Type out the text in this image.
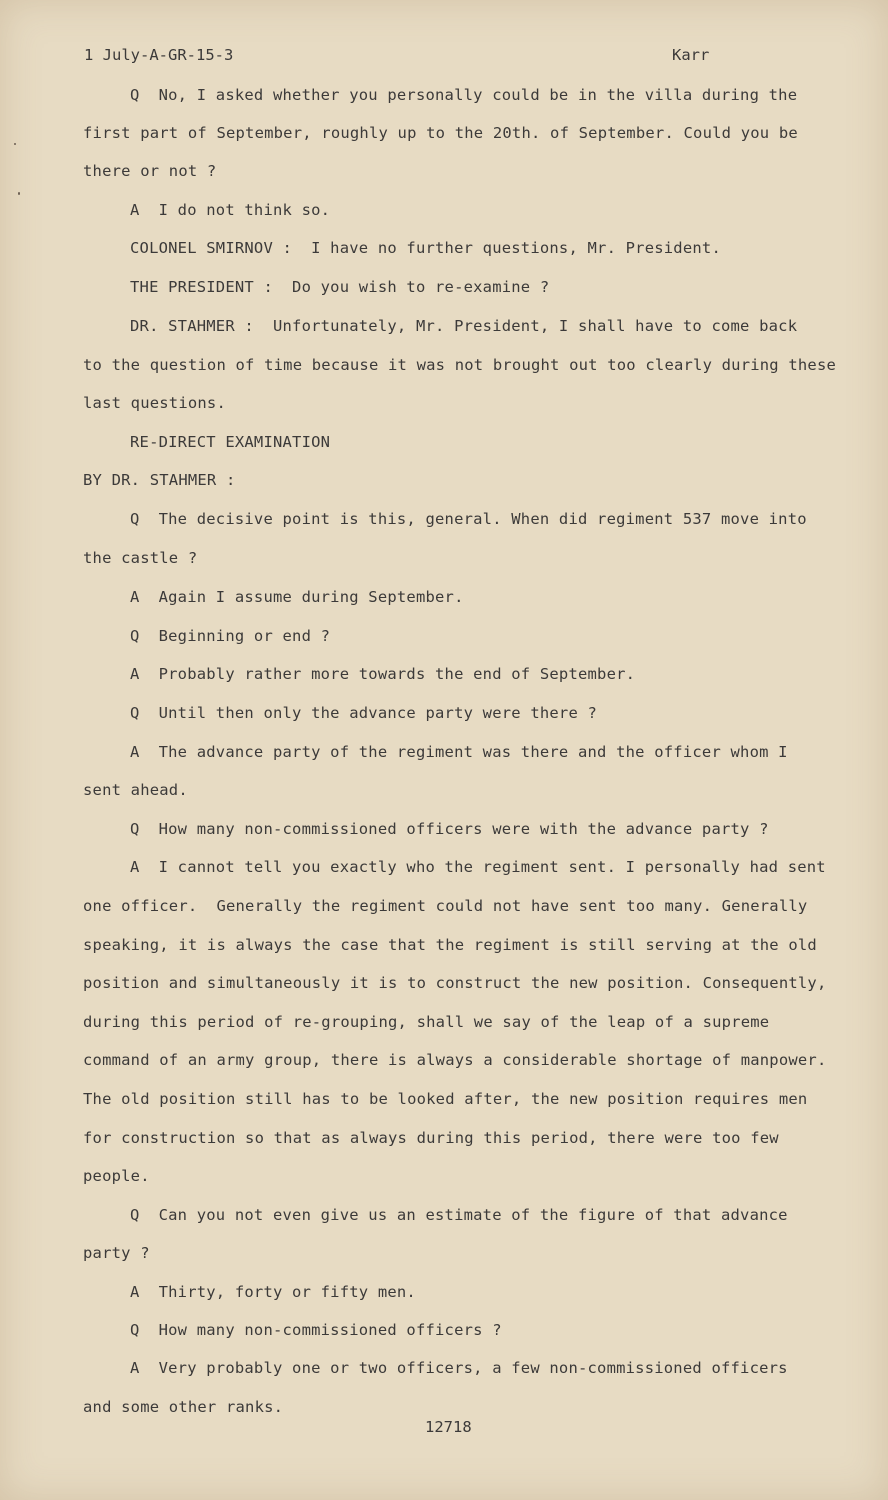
1 July-A-GR-15-3	Karr
Q  No, I asked whether you personally could be in the villa during the
first part of September, roughly up to the 20th. of September. Could you be
there or not ?
A  I do not think so.
COLONEL SMIRNOV :  I have no further questions, Mr. President.
THE PRESIDENT :  Do you wish to re-examine ?
DR. STAHMER :  Unfortunately, Mr. President, I shall have to come back
to the question of time because it was not brought out too clearly during these
last questions.
RE-DIRECT EXAMINATION
BY DR. STAHMER :
Q  The decisive point is this, general. When did regiment 537 move into
the castle ?
A  Again I assume during September.
Q  Beginning or end ?
A  Probably rather more towards the end of September.
Q  Until then only the advance party were there ?
A  The advance party of the regiment was there and the officer whom I
sent ahead.
Q  How many non-commissioned officers were with the advance party ?
A  I cannot tell you exactly who the regiment sent. I personally had sent
one officer.  Generally the regiment could not have sent too many. Generally
speaking, it is always the case that the regiment is still serving at the old
position and simultaneously it is to construct the new position. Consequently,
during this period of re-grouping, shall we say of the leap of a supreme
command of an army group, there is always a considerable shortage of manpower.
The old position still has to be looked after, the new position requires men
for construction so that as always during this period, there were too few
people.
Q  Can you not even give us an estimate of the figure of that advance
party ?
A  Thirty, forty or fifty men.
Q  How many non-commissioned officers ?
A  Very probably one or two officers, a few non-commissioned officers
and some other ranks.
12718
